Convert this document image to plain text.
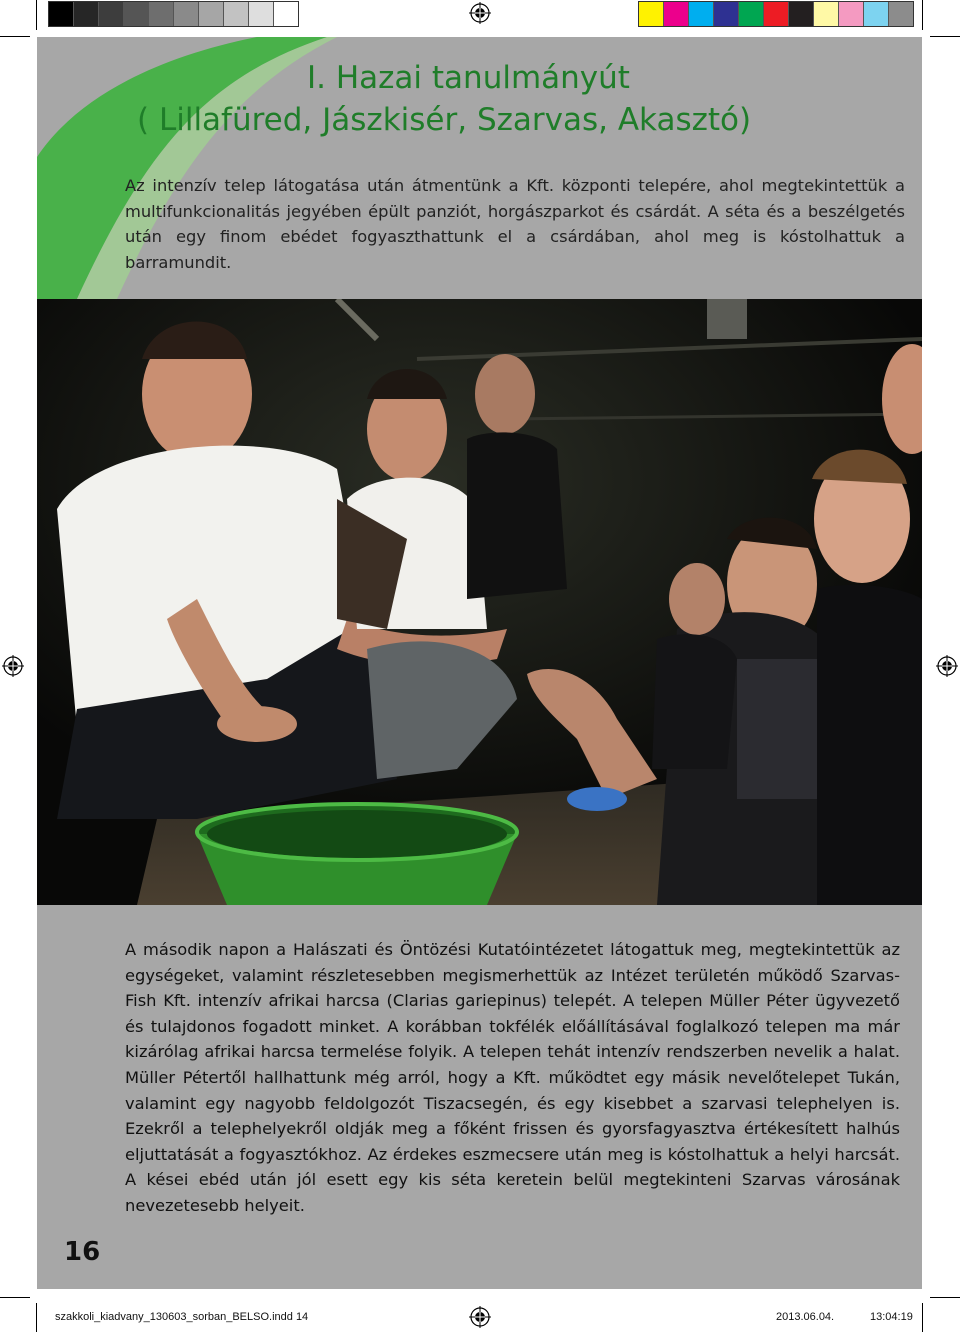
I. Hazai tanulmányút
( Lillafüred, Jászkisér, Szarvas, Akasztó)

Az intenzív telep látogatása után átmentünk a Kft. központi telepére, ahol megtekintettük a multifunkcionalitás jegyében épült panziót, horgászparkot és csárdát. A séta és a beszélgetés után egy finom ebédet fogyaszthattunk el a csárdában, ahol meg is kóstolhattuk a barramundit.

A második napon a Halászati és Öntözési Kutatóintézetet látogattuk meg, megtekintettük az egységeket, valamint részletesebben megismerhettük az Intézet területén működő Szarvas-Fish Kft. intenzív afrikai harcsa (Clarias gariepinus) telepét. A telepen Müller Péter ügyvezető és tulajdonos fogadott minket. A korábban tokfélék előállításával foglalkozó telepen ma már kizárólag afrikai harcsa termelése folyik. A telepen tehát intenzív rendszerben nevelik a halat. Müller Pétertől hallhattunk még arról, hogy a Kft. működtet egy másik nevelőtelepet Tukán, valamint egy nagyobb feldolgozót Tiszacsegén, és egy kisebbet a szarvasi telephelyen is. Ezekről a telephelyekről oldják meg a főként frissen és gyorsfagyasztva értékesített halhús eljuttatását a fogyasztókhoz. Az érdekes eszmecsere után meg is kóstolhattuk a helyi harcsát. A kései ebéd után jól esett egy kis séta keretein belül megtekinteni Szarvas városának nevezetesebb helyeit.

16
szakkoli_kiadvany_130603_sorban_BELSO.indd 14	2013.06.04.	13:04:19
